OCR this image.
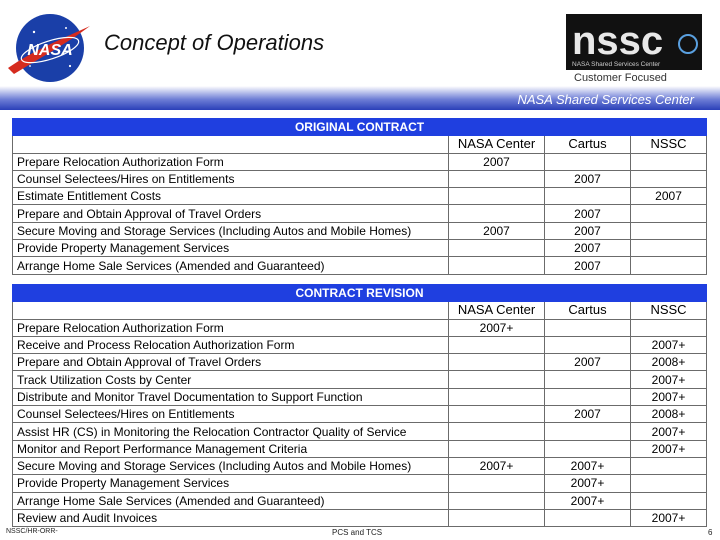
NASA Concept of Operations	nssc
NASA Shared Services Center
Customer Focused
NASA Shared Services Center
ORIGINAL CONTRACT			
	NASA Center	Cartus	NSSC
Prepare Relocation Authorization Form	2007		
Counsel Selectees/Hires on Entitlements		2007	
Estimate Entitlement Costs			2007
Prepare and Obtain Approval of Travel Orders		2007	
Secure Moving and Storage Services (Including Autos and Mobile Homes)	2007	2007	
Provide Property Management Services		2007	
Arrange Home Sale Services (Amended and Guaranteed)		2007	
CONTRACT REVISION			
	NASA Center	Cartus	NSSC
Prepare Relocation Authorization Form	2007+		
Receive and Process Relocation Authorization Form			2007+
Prepare and Obtain Approval of Travel Orders		2007	2008+
Track Utilization Costs by Center			2007+
Distribute and Monitor Travel Documentation to Support Function			2007+
Counsel Selectees/Hires on Entitlements		2007	2008+
Assist HR (CS) in Monitoring the Relocation Contractor Quality of Service			2007+
Monitor and Report Performance Management Criteria			2007+
Secure Moving and Storage Services (Including Autos and Mobile Homes)	2007+	2007+	
Provide Property Management Services		2007+	
Arrange Home Sale Services (Amended and Guaranteed)		2007+	
Review and Audit Invoices			2007+
NSSC/HR-ORR-	PCS and TCS	6
